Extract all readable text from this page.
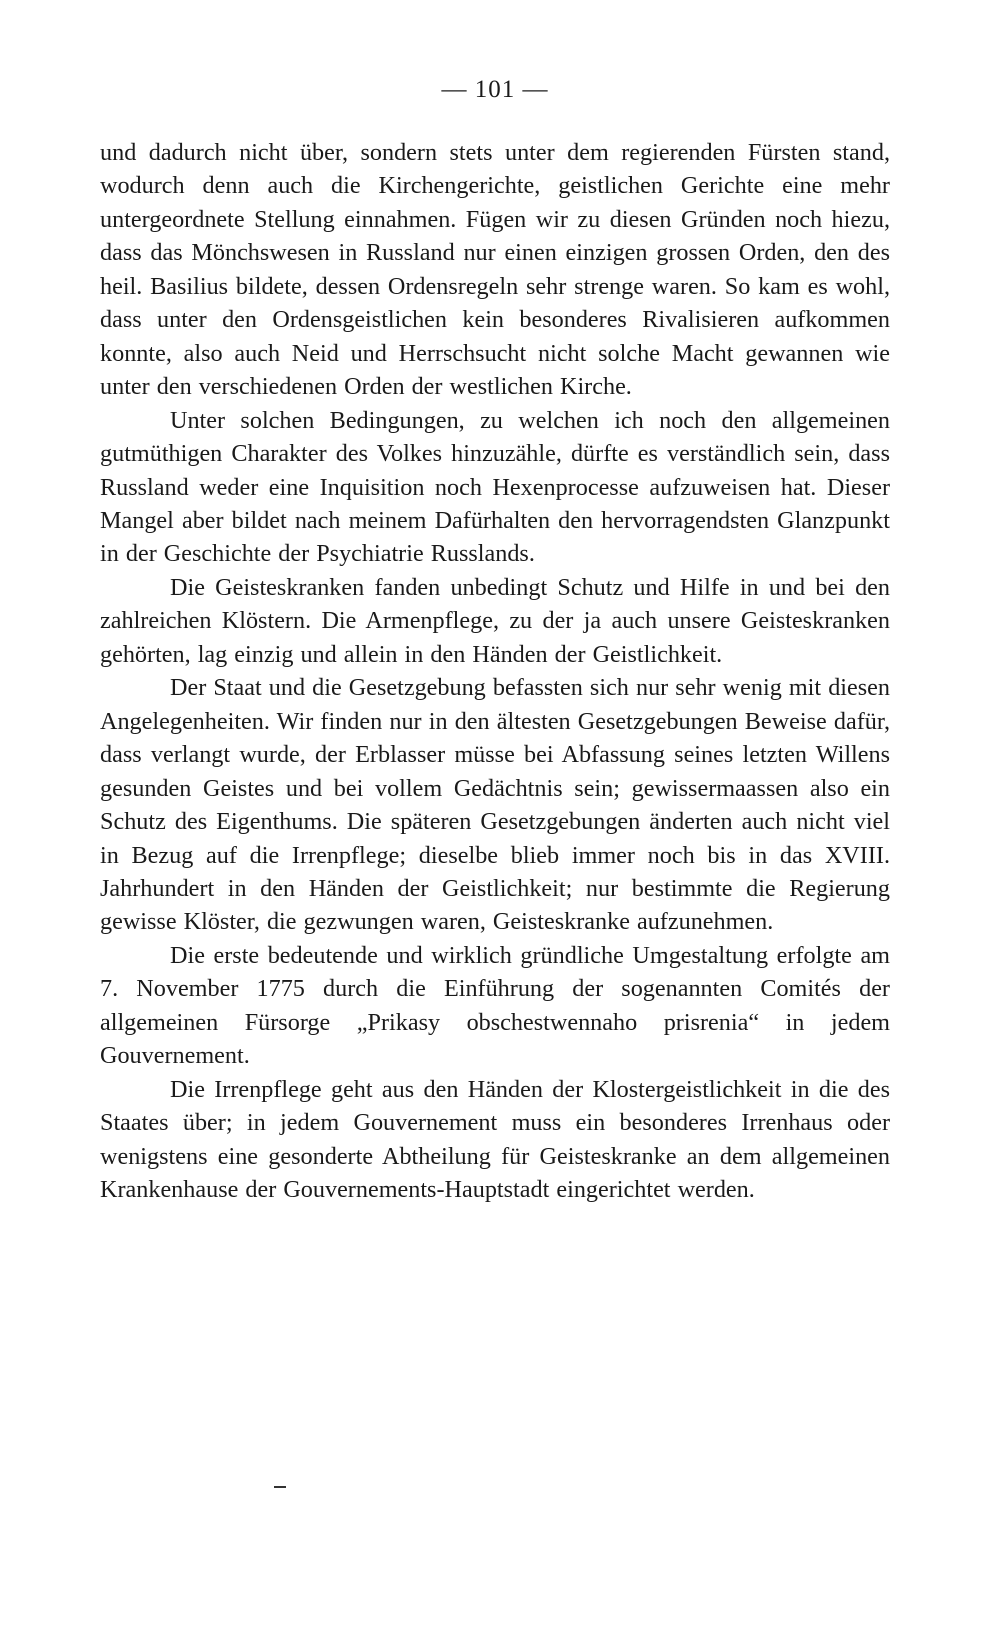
— 101 —

und dadurch nicht über, sondern stets unter dem regierenden Fürsten stand, wodurch denn auch die Kirchengerichte, geistlichen Gerichte eine mehr untergeordnete Stellung einnahmen. Fügen wir zu diesen Gründen noch hiezu, dass das Mönchswesen in Russland nur einen einzigen grossen Orden, den des heil. Basilius bildete, dessen Ordensregeln sehr strenge waren. So kam es wohl, dass unter den Ordensgeistlichen kein besonderes Rivalisieren aufkommen konnte, also auch Neid und Herrschsucht nicht solche Macht gewannen wie unter den verschiedenen Orden der westlichen Kirche.

Unter solchen Bedingungen, zu welchen ich noch den allgemeinen gutmüthigen Charakter des Volkes hinzuzähle, dürfte es verständlich sein, dass Russland weder eine Inquisition noch Hexenprocesse aufzuweisen hat. Dieser Mangel aber bildet nach meinem Dafürhalten den hervorragendsten Glanzpunkt in der Geschichte der Psychiatrie Russlands.

Die Geisteskranken fanden unbedingt Schutz und Hilfe in und bei den zahlreichen Klöstern. Die Armenpflege, zu der ja auch unsere Geisteskranken gehörten, lag einzig und allein in den Händen der Geistlichkeit.

Der Staat und die Gesetzgebung befassten sich nur sehr wenig mit diesen Angelegenheiten. Wir finden nur in den ältesten Gesetzgebungen Beweise dafür, dass verlangt wurde, der Erblasser müsse bei Abfassung seines letzten Willens gesunden Geistes und bei vollem Gedächtnis sein; gewissermaassen also ein Schutz des Eigenthums. Die späteren Gesetzgebungen änderten auch nicht viel in Bezug auf die Irrenpflege; dieselbe blieb immer noch bis in das XVIII. Jahrhundert in den Händen der Geistlichkeit; nur bestimmte die Regierung gewisse Klöster, die gezwungen waren, Geisteskranke aufzunehmen.

Die erste bedeutende und wirklich gründliche Umgestaltung erfolgte am 7. November 1775 durch die Einführung der sogenannten Comités der allgemeinen Fürsorge „Prikasy obschestwennaho prisrenia“ in jedem Gouvernement.

Die Irrenpflege geht aus den Händen der Klostergeistlichkeit in die des Staates über; in jedem Gouvernement muss ein besonderes Irrenhaus oder wenigstens eine gesonderte Abtheilung für Geisteskranke an dem allgemeinen Krankenhause der Gouvernements-Hauptstadt eingerichtet werden.
